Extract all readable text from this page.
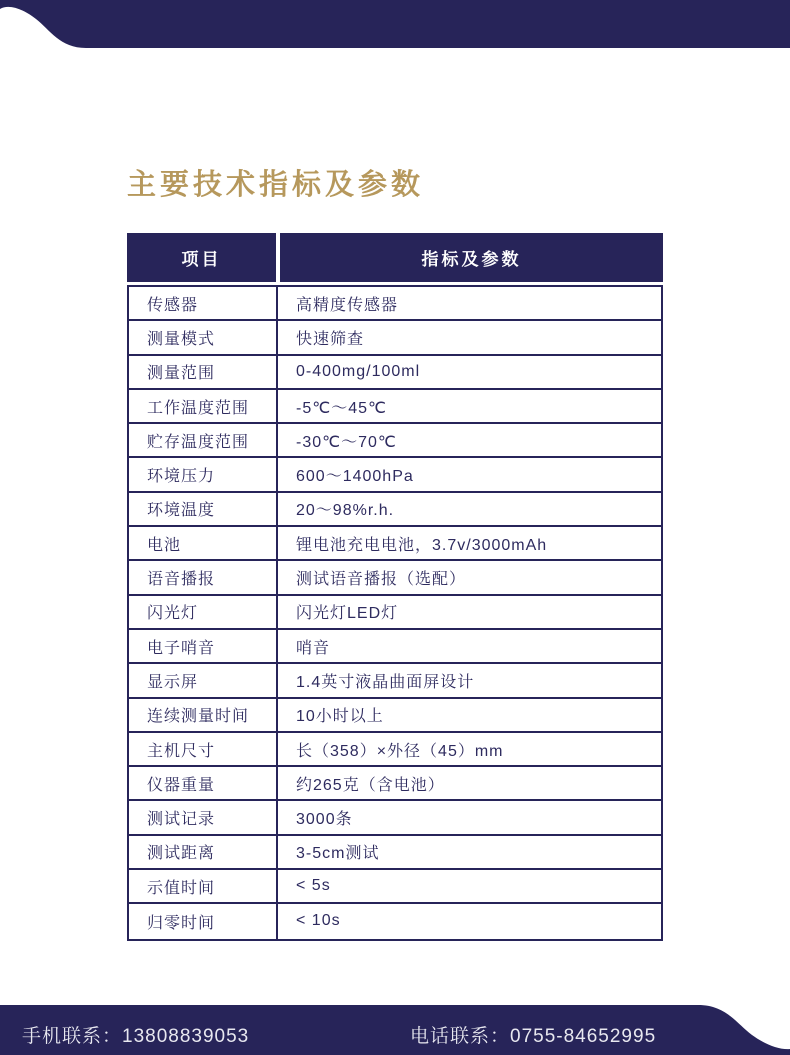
主要技术指标及参数
项目	指标及参数
传感器	高精度传感器
测量模式	快速筛查
测量范围	0-400mg/100ml
工作温度范围	-5℃～45℃
贮存温度范围	-30℃～70℃
环境压力	600～1400hPa
环境温度	20～98%r.h.
电池	锂电池充电电池，3.7v/3000mAh
语音播报	测试语音播报（选配）
闪光灯	闪光灯LED灯
电子哨音	哨音
显示屏	1.4英寸液晶曲面屏设计
连续测量时间	10小时以上
主机尺寸	长（358）×外径（45）mm
仪器重量	约265克（含电池）
测试记录	3000条
测试距离	3-5cm测试
示值时间	< 5s
归零时间	< 10s
手机联系：13808839053	电话联系：0755-84652995
